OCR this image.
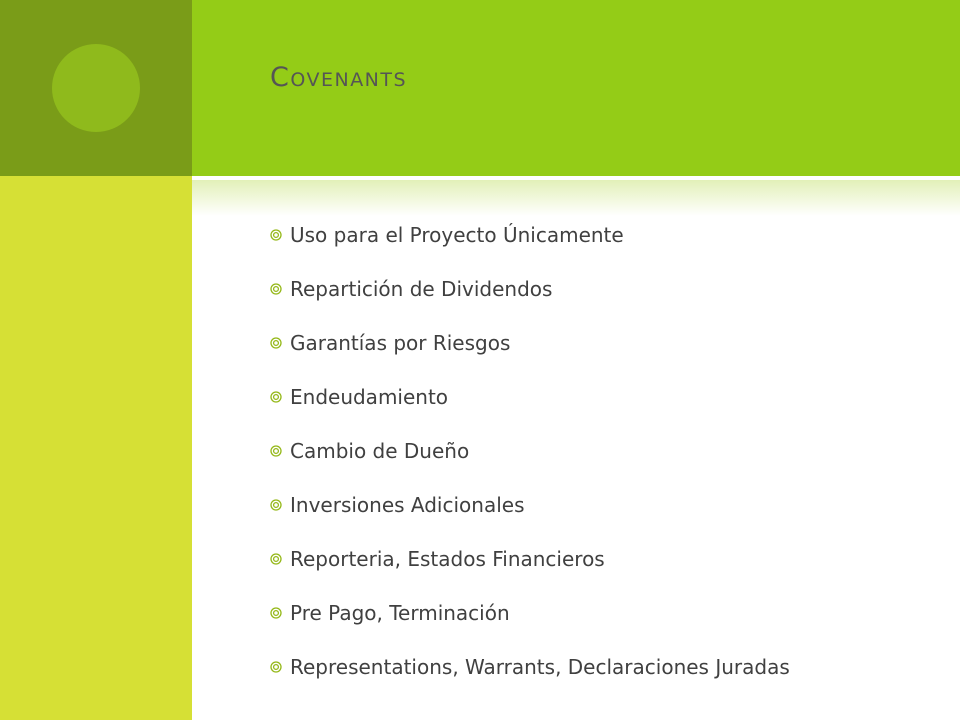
Covenants
Uso para el Proyecto Únicamente
Repartición de Dividendos
Garantías por Riesgos
Endeudamiento
Cambio de Dueño
Inversiones Adicionales
Reporteria, Estados Financieros
Pre Pago, Terminación
Representations, Warrants, Declaraciones Juradas
